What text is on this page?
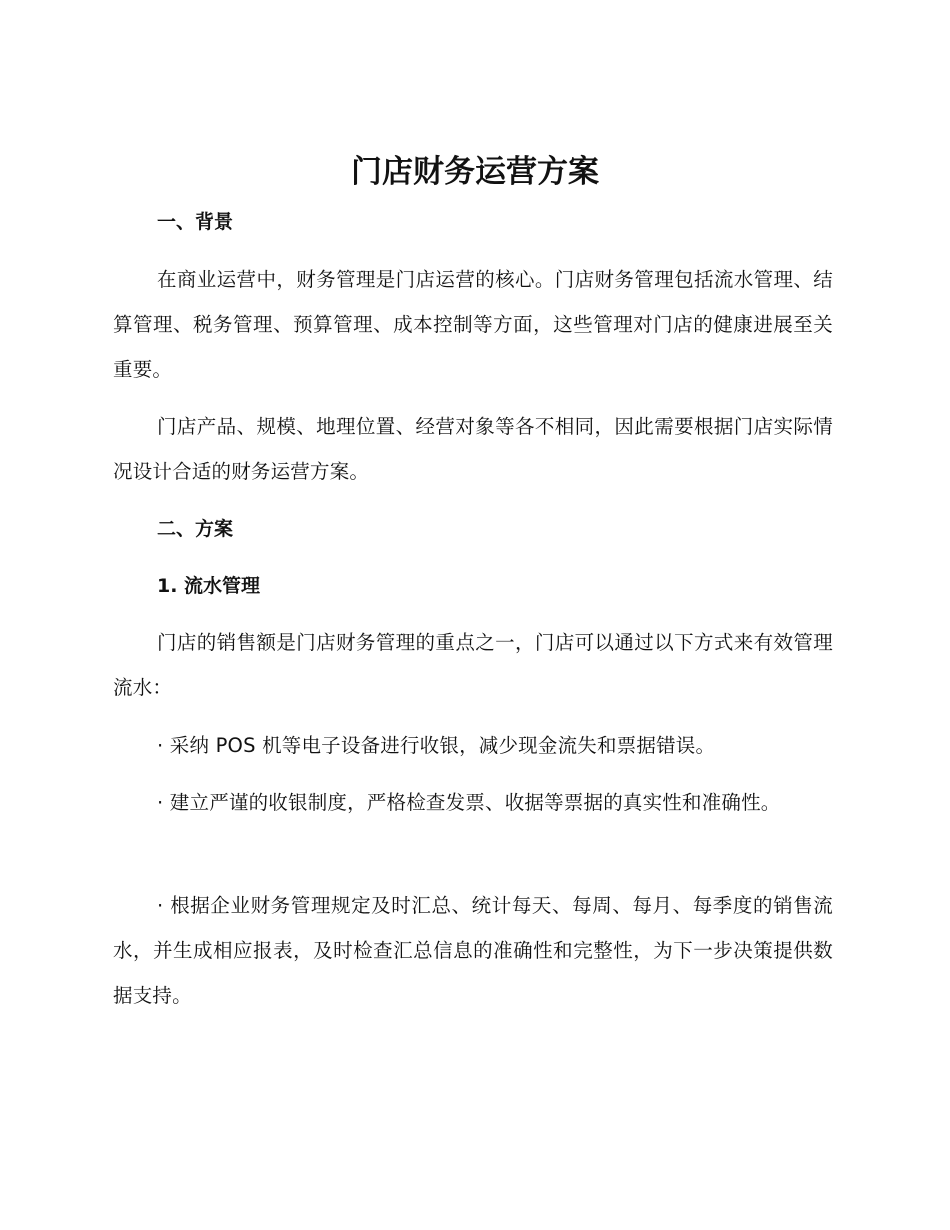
门店财务运营方案
一、背景

在商业运营中，财务管理是门店运营的核心。门店财务管理包括流水管理、结算管理、税务管理、预算管理、成本控制等方面，这些管理对门店的健康进展至关重要。

门店产品、规模、地理位置、经营对象等各不相同，因此需要根据门店实际情况设计合适的财务运营方案。

二、方案
1. 流水管理

门店的销售额是门店财务管理的重点之一，门店可以通过以下方式来有效管理流水：

· 采纳 POS 机等电子设备进行收银，减少现金流失和票据错误。

· 建立严谨的收银制度，严格检查发票、收据等票据的真实性和准确性。

· 根据企业财务管理规定及时汇总、统计每天、每周、每月、每季度的销售流水，并生成相应报表，及时检查汇总信息的准确性和完整性，为下一步决策提供数据支持。
